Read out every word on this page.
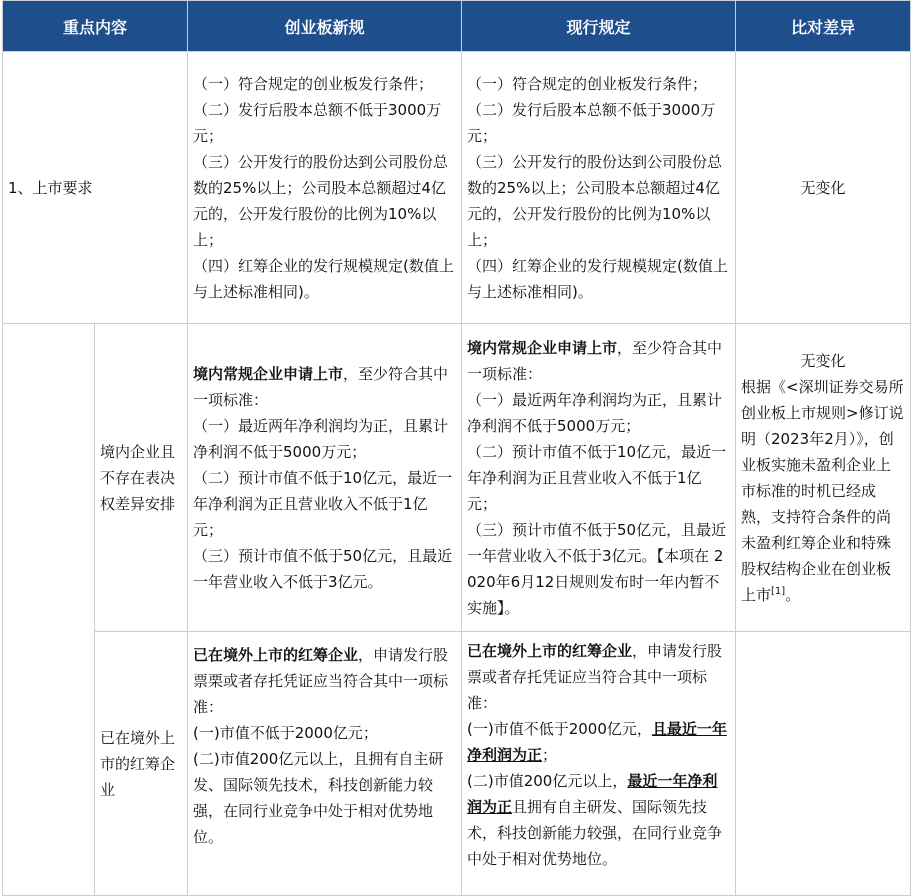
重点内容		创业板新规	现行规定	比对差异
1、上市要求		（一）符合规定的创业板发行条件；
（二）发行后股本总额不低于3000万元；
（三）公开发行的股份达到公司股份总数的25%以上；公司股本总额超过4亿元的，公开发行股份的比例为10%以上；
（四）红筹企业的发行规模规定(数值上与上述标准相同)。	（一）符合规定的创业板发行条件；
（二）发行后股本总额不低于3000万元；
（三）公开发行的股份达到公司股份总数的25%以上；公司股本总额超过4亿元的，公开发行股份的比例为10%以上；
（四）红筹企业的发行规模规定(数值上与上述标准相同)。	无变化
	境内企业且不存在表决权差异安排	境内常规企业申请上市，至少符合其中一项标准：
（一）最近两年净利润均为正，且累计净利润不低于5000万元；
（二）预计市值不低于10亿元，最近一年净利润为正且营业收入不低于1亿元；
（三）预计市值不低于50亿元，且最近一年营业收入不低于3亿元。	境内常规企业申请上市，至少符合其中一项标准：
（一）最近两年净利润均为正，且累计净利润不低于5000万元；
（二）预计市值不低于10亿元，最近一年净利润为正且营业收入不低于1亿元；
（三）预计市值不低于50亿元，且最近一年营业收入不低于3亿元。【本项在 2020年6月12日规则发布时一年内暂不实施】。	无变化
根据《<深圳证券交易所创业板上市规则>修订说明（2023年2月）》，创业板实施未盈利企业上市标准的时机已经成熟，支持符合条件的尚未盈利红筹企业和特殊股权结构企业在创业板上市[1]。
	已在境外上市的红筹企业	已在境外上市的红筹企业，申请发行股票栗或者存托凭证应当符合其中一项标准：
(一)市值不低于2000亿元；
(二)市值200亿元以上，且拥有自主研发、国际领先技术，科技创新能力较强，在同行业竞争中处于相对优势地位。	已在境外上市的红筹企业，申请发行股票或者存托凭证应当符合其中一项标准：
(一)市值不低于2000亿元，且最近一年净利润为正；
(二)市值200亿元以上，最近一年净利润为正且拥有自主研发、国际领先技术，科技创新能力较强，在同行业竞争中处于相对优势地位。	
